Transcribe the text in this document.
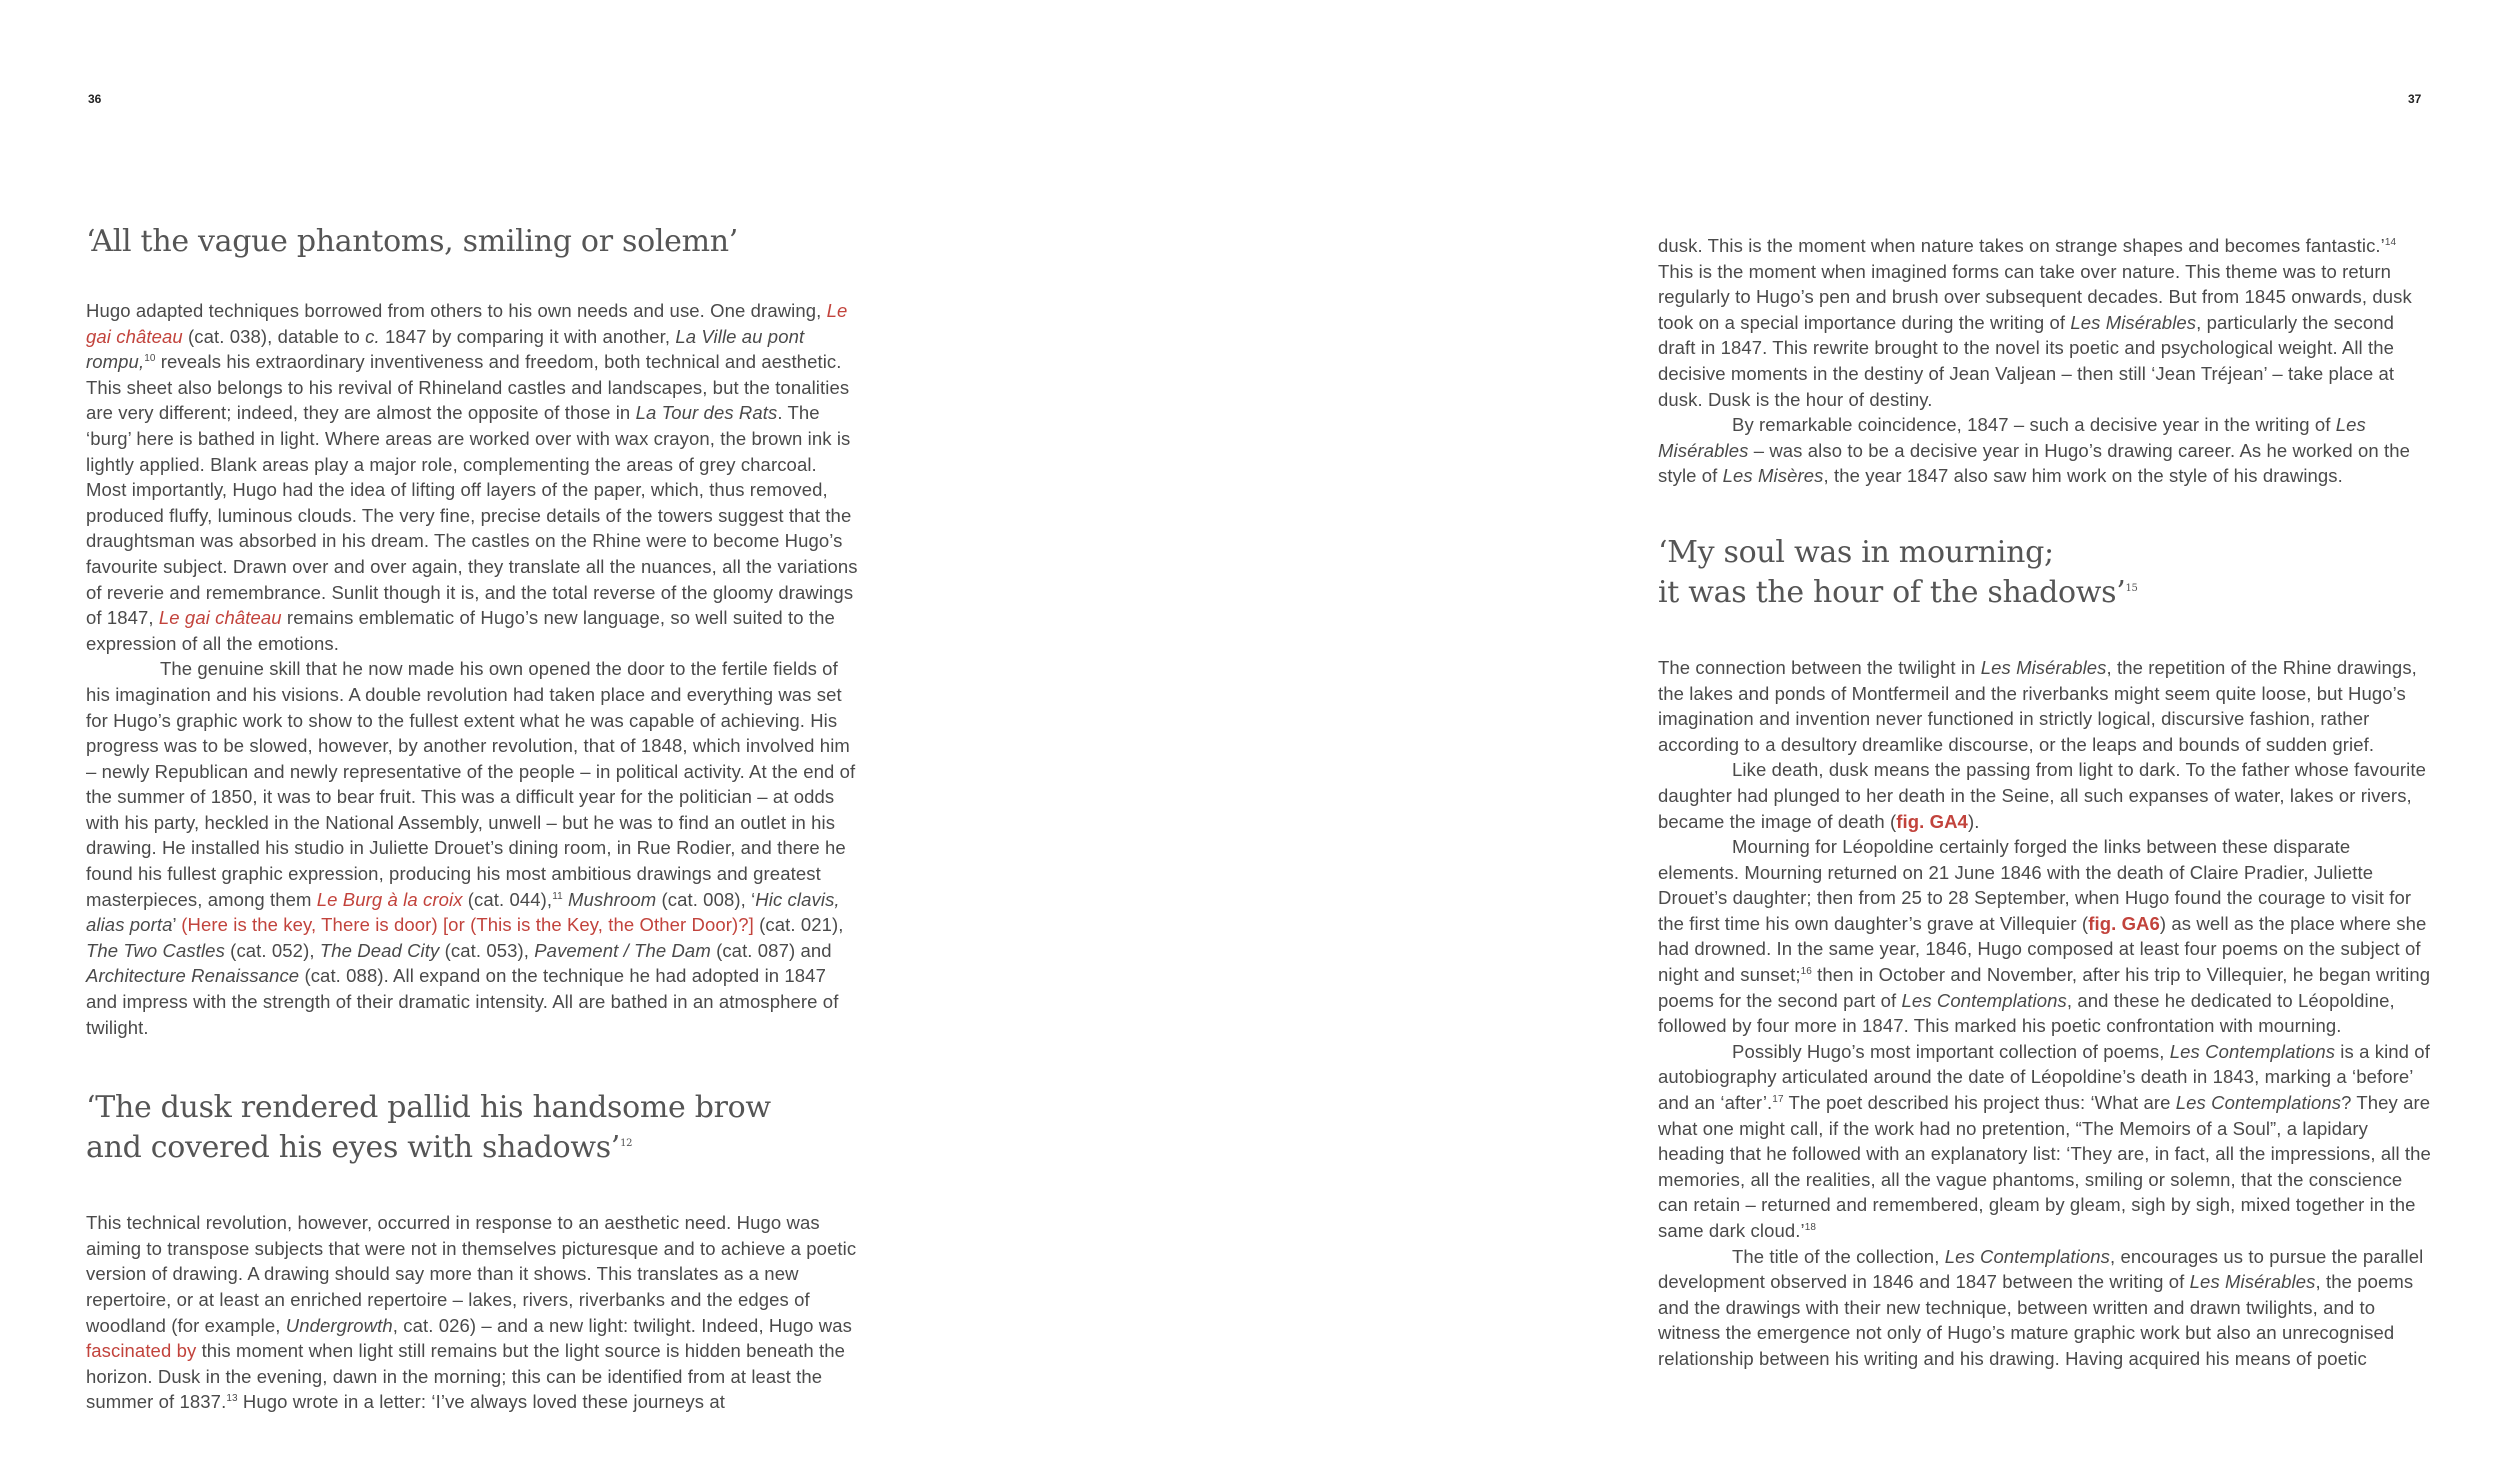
36	37
‘All the vague phantoms, smiling or solemn’

Hugo adapted techniques borrowed from others to his own needs and use. One drawing, Le gai château (cat. 038), datable to c. 1847 by comparing it with another, La Ville au pont rompu,$^{10}$ reveals his extraordinary inventiveness and freedom, both technical and aesthetic. This sheet also belongs to his revival of Rhineland castles and landscapes, but the tonalities are very different; indeed, they are almost the opposite of those in La Tour des Rats. The ‘burg’ here is bathed in light. Where areas are worked over with wax crayon, the brown ink is lightly applied. Blank areas play a major role, complementing the areas of grey charcoal. Most importantly, Hugo had the idea of lifting off layers of the paper, which, thus removed, produced fluffy, luminous clouds. The very fine, precise details of the towers suggest that the draughtsman was absorbed in his dream. The castles on the Rhine were to become Hugo’s favourite subject. Drawn over and over again, they translate all the nuances, all the variations of reverie and remembrance. Sunlit though it is, and the total reverse of the gloomy drawings of 1847, Le gai château remains emblematic of Hugo’s new language, so well suited to the expression of all the emotions.

The genuine skill that he now made his own opened the door to the fertile fields of his imagination and his visions. A double revolution had taken place and everything was set for Hugo’s graphic work to show to the fullest extent what he was capable of achieving. His progress was to be slowed, however, by another revolution, that of 1848, which involved him – newly Republican and newly representative of the people – in political activity. At the end of the summer of 1850, it was to bear fruit. This was a difficult year for the politician – at odds with his party, heckled in the National Assembly, unwell – but he was to find an outlet in his drawing. He installed his studio in Juliette Drouet’s dining room, in Rue Rodier, and there he found his fullest graphic expression, producing his most ambitious drawings and greatest masterpieces, among them Le Burg à la croix (cat. 044),$^{11}$ Mushroom (cat. 008), ‘Hic clavis, alias porta’ (Here is the key, There is door) [or (This is the Key, the Other Door)?] (cat. 021), The Two Castles (cat. 052), The Dead City (cat. 053), Pavement / The Dam (cat. 087) and Architecture Renaissance (cat. 088). All expand on the technique he had adopted in 1847 and impress with the strength of their dramatic intensity. All are bathed in an atmosphere of twilight.

‘The dusk rendered pallid his handsome brow
and covered his eyes with shadows’$^{12}$

This technical revolution, however, occurred in response to an aesthetic need. Hugo was aiming to transpose subjects that were not in themselves picturesque and to achieve a poetic version of drawing. A drawing should say more than it shows. This translates as a new repertoire, or at least an enriched repertoire – lakes, rivers, riverbanks and the edges of woodland (for example, Undergrowth, cat. 026) – and a new light: twilight. Indeed, Hugo was fascinated by this moment when light still remains but the light source is hidden beneath the horizon. Dusk in the evening, dawn in the morning; this can be identified from at least the summer of 1837.13 Hugo wrote in a letter: ‘I’ve always loved these journeys at

dusk. This is the moment when nature takes on strange shapes and becomes fantastic.’$^{14}$ This is the moment when imagined forms can take over nature. This theme was to return regularly to Hugo’s pen and brush over subsequent decades. But from 1845 onwards, dusk took on a special importance during the writing of Les Misérables, particularly the second draft in 1847. This rewrite brought to the novel its poetic and psychological weight. All the decisive moments in the destiny of Jean Valjean – then still ‘Jean Tréjean’ – take place at dusk. Dusk is the hour of destiny.

By remarkable coincidence, 1847 – such a decisive year in the writing of Les Misérables – was also to be a decisive year in Hugo’s drawing career. As he worked on the style of Les Misères, the year 1847 also saw him work on the style of his drawings.

‘My soul was in mourning;
it was the hour of the shadows’$^{15}$

The connection between the twilight in Les Misérables, the repetition of the Rhine drawings, the lakes and ponds of Montfermeil and the riverbanks might seem quite loose, but Hugo’s imagination and invention never functioned in strictly logical, discursive fashion, rather according to a desultory dreamlike discourse, or the leaps and bounds of sudden grief.

Like death, dusk means the passing from light to dark. To the father whose favourite daughter had plunged to her death in the Seine, all such expanses of water, lakes or rivers, became the image of death (fig. GA4).

Mourning for Léopoldine certainly forged the links between these disparate elements. Mourning returned on 21 June 1846 with the death of Claire Pradier, Juliette Drouet’s daughter; then from 25 to 28 September, when Hugo found the courage to visit for the first time his own daughter’s grave at Villequier (fig. GA6) as well as the place where she had drowned. In the same year, 1846, Hugo composed at least four poems on the subject of night and sunset;$^{16}$ then in October and November, after his trip to Villequier, he began writing poems for the second part of Les Contemplations, and these he dedicated to Léopoldine, followed by four more in 1847. This marked his poetic confrontation with mourning.

Possibly Hugo’s most important collection of poems, Les Contemplations is a kind of autobiography articulated around the date of Léopoldine’s death in 1843, marking a ‘before’ and an ‘after’.$^{17}$ The poet described his project thus: ‘What are Les Contemplations? They are what one might call, if the work had no pretention, “The Memoirs of a Soul”, a lapidary heading that he followed with an explanatory list: ‘They are, in fact, all the impressions, all the memories, all the realities, all the vague phantoms, smiling or solemn, that the conscience can retain – returned and remembered, gleam by gleam, sigh by sigh, mixed together in the same dark cloud.’$^{18}$

The title of the collection, Les Contemplations, encourages us to pursue the parallel development observed in 1846 and 1847 between the writing of Les Misérables, the poems and the drawings with their new technique, between written and drawn twilights, and to witness the emergence not only of Hugo’s mature graphic work but also an unrecognised relationship between his writing and his drawing. Having acquired his means of poetic
